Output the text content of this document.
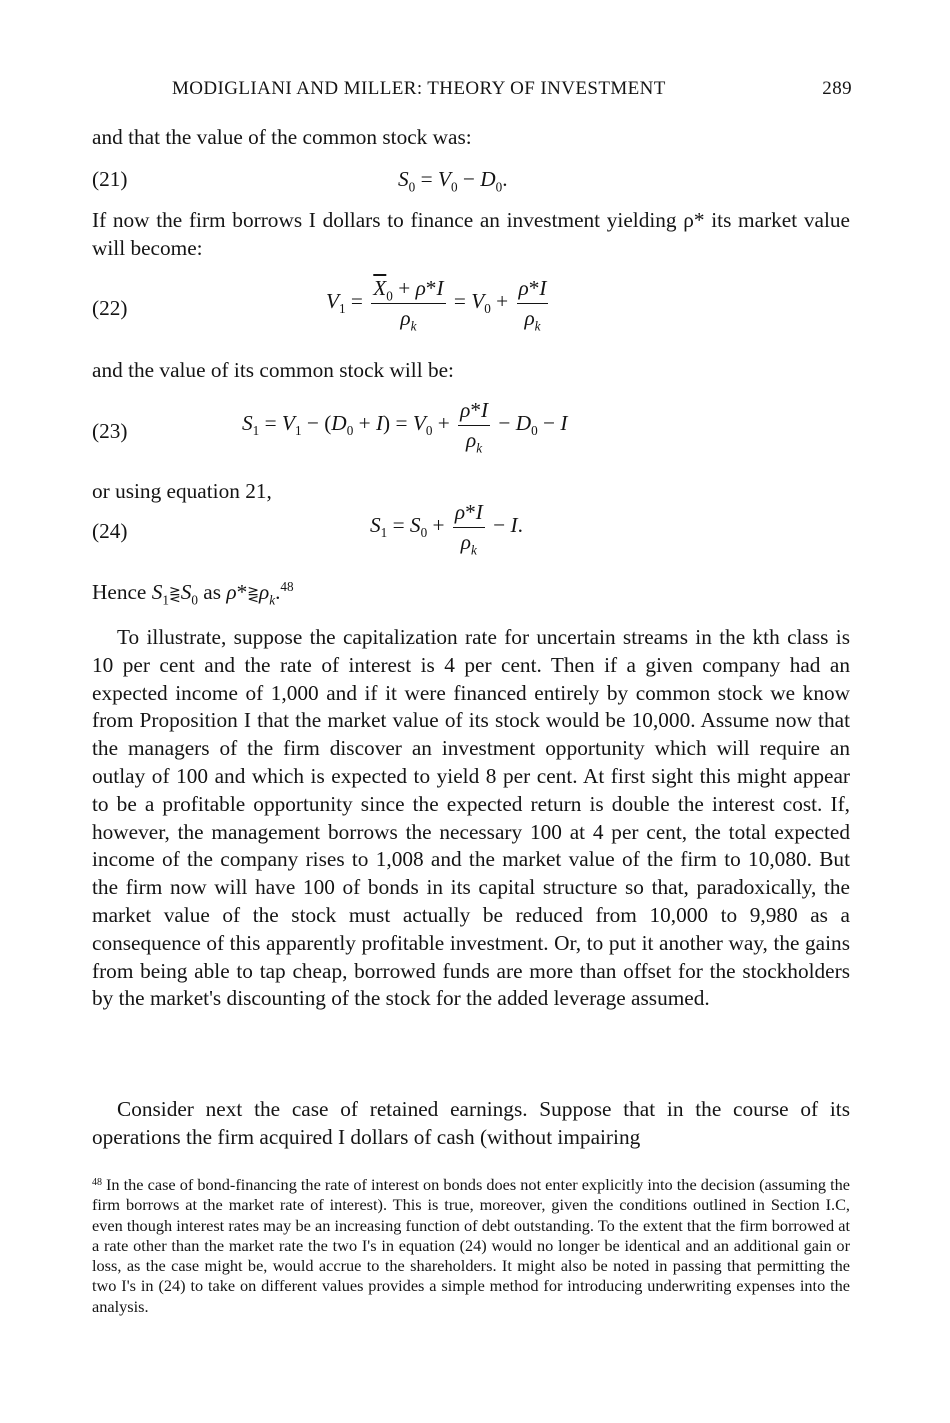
MODIGLIANI AND MILLER: THEORY OF INVESTMENT	289
and that the value of the common stock was:
(21)	$S_0 = V_0 - D_0$.
If now the firm borrows I dollars to finance an investment yielding ρ* its market value will become:
(22)	$V_1 = \frac{\overline{X}_0 + \rho*I}{\rho_k} = V_0 + \frac{\rho*I}{\rho_k}$
and the value of its common stock will be:
(23)	$S_1 = V_1 - (D_0 + I) = V_0 + \frac{\rho*I}{\rho_k} - D_0 - I$
or using equation 21,
(24)	$S_1 = S_0 + \frac{\rho*I}{\rho_k} - I$.
Hence $S_1⋛S_0$ as $\rho*⋛\rho_k.^{48}$
To illustrate, suppose the capitalization rate for uncertain streams in the kth class is 10 per cent and the rate of interest is 4 per cent. Then if a given company had an expected income of 1,000 and if it were financed entirely by common stock we know from Proposition I that the market value of its stock would be 10,000. Assume now that the managers of the firm discover an investment opportunity which will require an outlay of 100 and which is expected to yield 8 per cent. At first sight this might appear to be a profitable opportunity since the expected return is double the interest cost. If, however, the management borrows the necessary 100 at 4 per cent, the total expected income of the company rises to 1,008 and the market value of the firm to 10,080. But the firm now will have 100 of bonds in its capital structure so that, paradoxically, the market value of the stock must actually be reduced from 10,000 to 9,980 as a consequence of this apparently profitable investment. Or, to put it another way, the gains from being able to tap cheap, borrowed funds are more than offset for the stockholders by the market's discounting of the stock for the added leverage assumed.
Consider next the case of retained earnings. Suppose that in the course of its operations the firm acquired I dollars of cash (without impairing
$^{48}$ In the case of bond-financing the rate of interest on bonds does not enter explicitly into the decision (assuming the firm borrows at the market rate of interest). This is true, moreover, given the conditions outlined in Section I.C, even though interest rates may be an increasing function of debt outstanding. To the extent that the firm borrowed at a rate other than the market rate the two I's in equation (24) would no longer be identical and an additional gain or loss, as the case might be, would accrue to the shareholders. It might also be noted in passing that permitting the two I's in (24) to take on different values provides a simple method for introducing underwriting expenses into the analysis.
